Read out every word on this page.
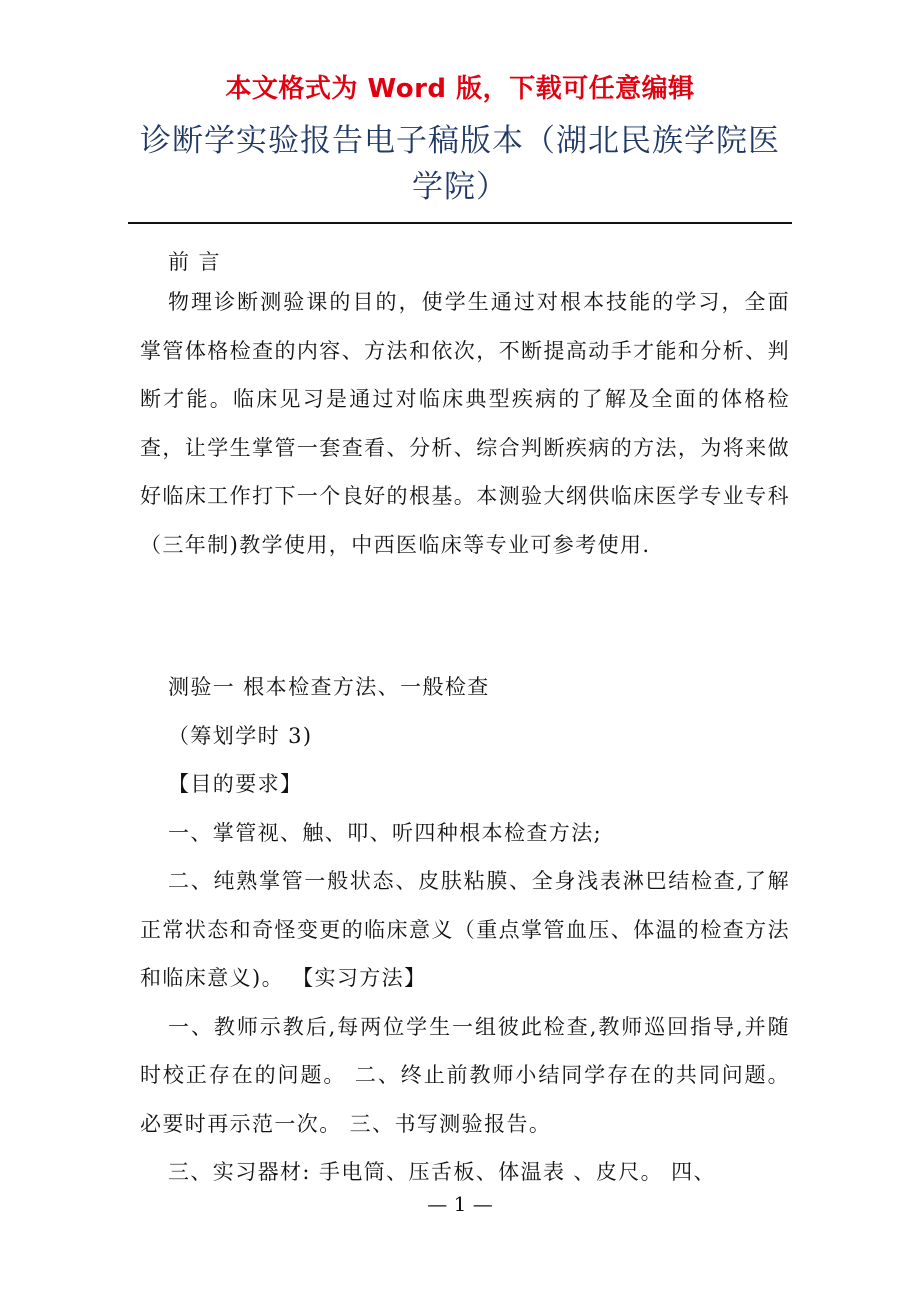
本文格式为 Word 版，下载可任意编辑
诊断学实验报告电子稿版本（湖北民族学院医学院）

前 言

物理诊断测验课的目的，使学生通过对根本技能的学习，全面掌管体格检查的内容、方法和依次，不断提高动手才能和分析、判断才能。临床见习是通过对临床典型疾病的了解及全面的体格检查，让学生掌管一套查看、分析、综合判断疾病的方法，为将来做好临床工作打下一个良好的根基。本测验大纲供临床医学专业专科（三年制)教学使用，中西医临床等专业可参考使用.

测验一 根本检查方法、一般检查

（筹划学时 3)

【目的要求】

一、掌管视、触、叩、听四种根本检查方法;

二、纯熟掌管一般状态、皮肤粘膜、全身浅表淋巴结检查,了解正常状态和奇怪变更的临床意义（重点掌管血压、体温的检查方法和临床意义)。 【实习方法】

一、教师示教后,每两位学生一组彼此检查,教师巡回指导,并随时校正存在的问题。 二、终止前教师小结同学存在的共同问题。必要时再示范一次。 三、书写测验报告。

三、实习器材: 手电筒、压舌板、体温表 、皮尺。 四、

— 1 —
